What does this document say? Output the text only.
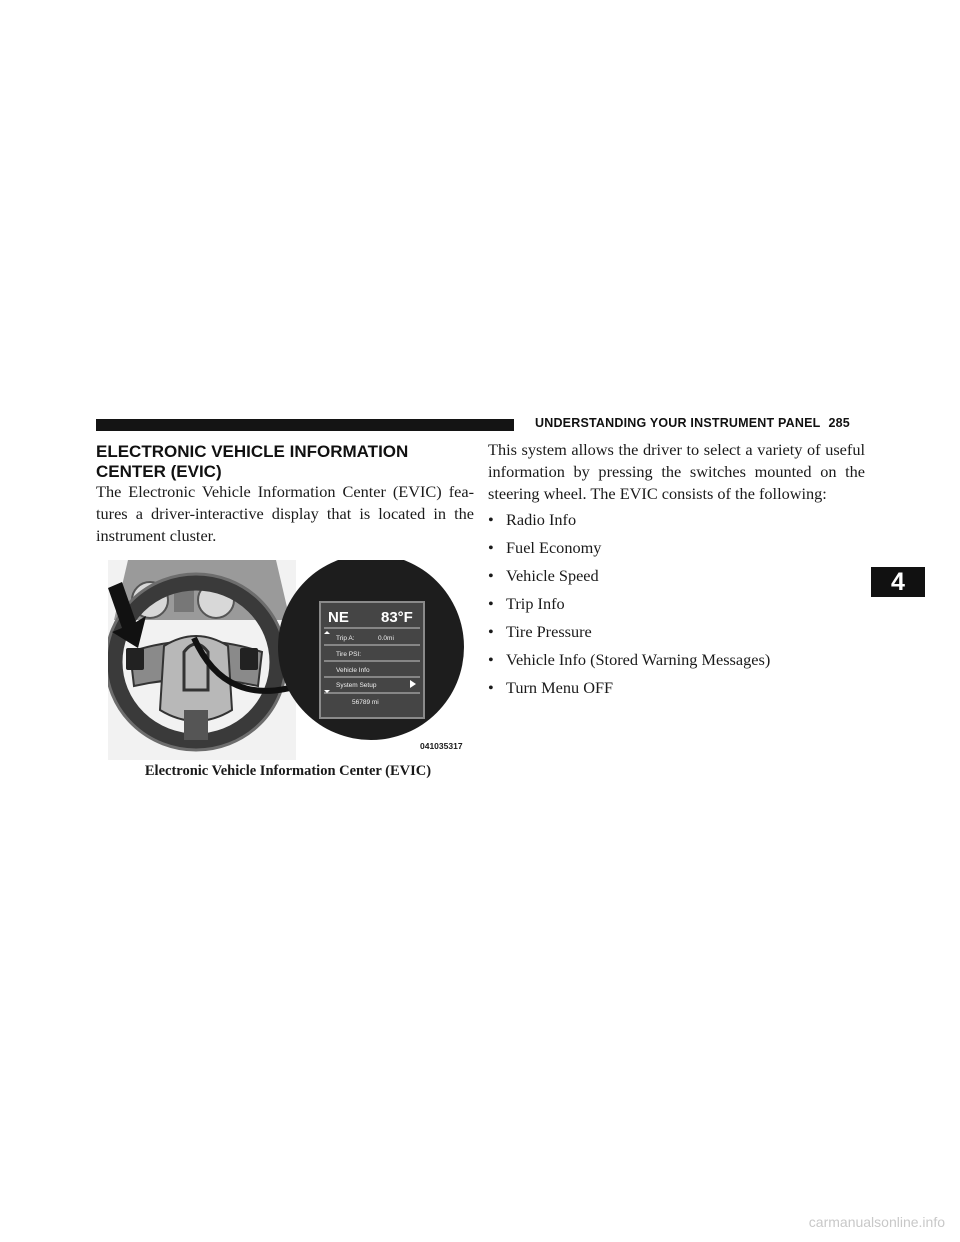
UNDERSTANDING YOUR INSTRUMENT PANEL 285
ELECTRONIC VEHICLE INFORMATION CENTER (EVIC)

The Electronic Vehicle Information Center (EVIC) fea-tures a driver-interactive display that is located in the instrument cluster.

NE 83°F
Trip A:	0.0mi
Tire PSI:
Vehicle Info
System Setup
56789 mi
041035317
Electronic Vehicle Information Center (EVIC)

This system allows the driver to select a variety of useful information by pressing the switches mounted on the steering wheel. The EVIC consists of the following:

• Radio Info
• Fuel Economy
• Vehicle Speed
• Trip Info
• Tire Pressure
• Vehicle Info (Stored Warning Messages)
• Turn Menu OFF
4
carmanualsonline.info
